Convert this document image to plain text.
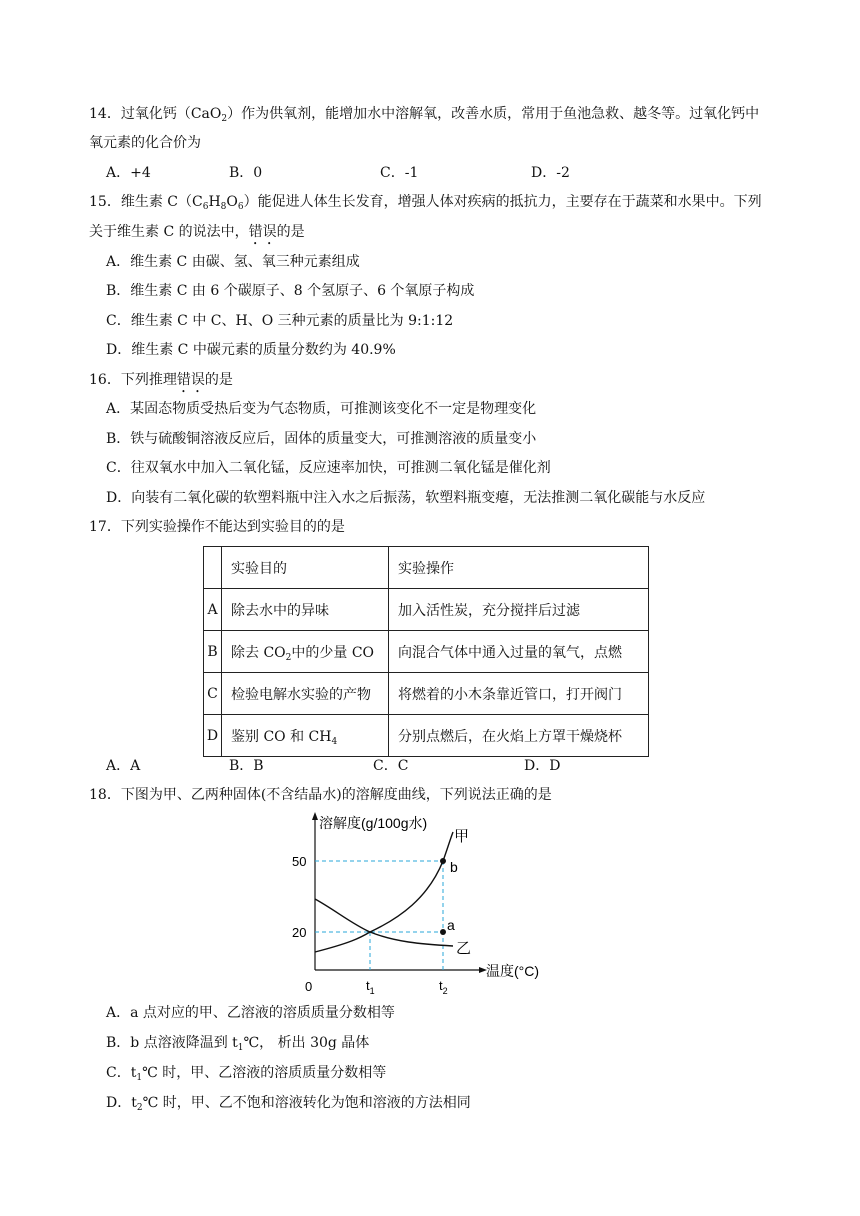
14．过氧化钙（CaO$_2$）作为供氧剂，能增加水中溶解氧，改善水质，常用于鱼池急救、越冬等。过氧化钙中
氧元素的化合价为
A．+4	B．0	C．-1	D．-2
15．维生素 $C(C_6H_8O_6)$能促进人体生长发育，增强人体对疾病的抵抗力，主要存在于蔬菜和水果中。下列
关于维生素 C 的说法中，错误的是
A．维生素 C 由碳、氢、氧三种元素组成
B．维生素 C 由 6 个碳原子、8 个氢原子、6 个氧原子构成
C．维生素 C 中 C、H、O 三种元素的质量比为 9:1:12
D．维生素 C 中碳元素的质量分数约为 40.9%
16．下列推理错误的是
A．某固态物质受热后变为气态物质，可推测该变化不一定是物理变化
B．铁与硫酸铜溶液反应后，固体的质量变大，可推测溶液的质量变小
C．往双氧水中加入二氧化锰，反应速率加快，可推测二氧化锰是催化剂
D．向装有二氧化碳的软塑料瓶中注入水之后振荡，软塑料瓶变瘪，无法推测二氧化碳能与水反应
17．下列实验操作不能达到实验目的的是
	实验目的	实验操作
A	除去水中的异味	加入活性炭，充分搅拌后过滤
B	除去 $CO_2$中的少量 CO	向混合气体中通入过量的氧气，点燃
C	检验电解水实验的产物	将燃着的小木条靠近管口，打开阀门
D	鉴别 CO 和 $CH_4$	分别点燃后，在火焰上方罩干燥烧杯
A．A	B．B	C．C	D．D
18．下图为甲、乙两种固体(不含结晶水)的溶解度曲线，下列说法正确的是
溶解度(g/100g水)
温度(°C)
0
20
50
$t_1$	$t_2$
甲
乙
b
a
A．a 点对应的甲、乙溶液的溶质质量分数相等
B．b 点溶液降温到 $t_1℃$， 析出 30g 晶体
C．$t_1℃$ 时，甲、乙溶液的溶质质量分数相等
D．$t_2℃$ 时，甲、乙不饱和溶液转化为饱和溶液的方法相同
